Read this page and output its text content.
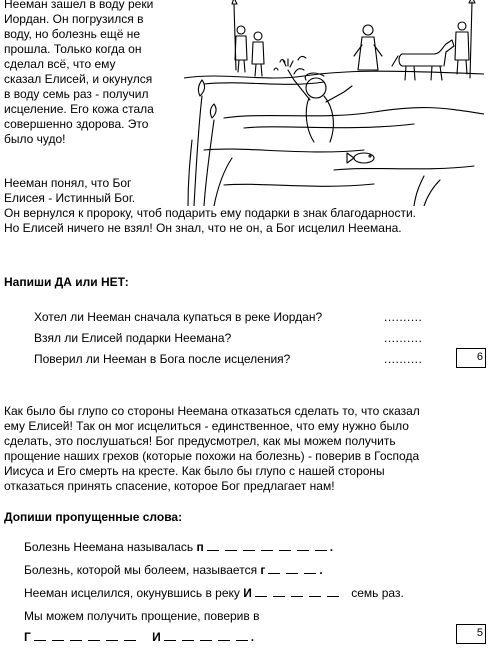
Нееман зашел в воду реки
Иордан. Он погрузился в
воду, но болезнь ещё не
прошла. Только когда он
сделал всё, что ему
сказал Елисей, и окунулся
в воду семь раз - получил
исцеление. Его кожа стала
совершенно здорова. Это
было чудо!
Нееман понял, что Бог
Елисея - Истинный Бог.
Он вернулся к пророку, чтоб подарить ему подарки в знак благодарности.
Но Елисей ничего не взял! Он знал, что не он, а Бог исцелил Неемана.
Напиши ДА или НЕТ:
Хотел ли Нееман сначала купаться в реке Иордан?	..........
Взял ли Елисей подарки Неемана?	..........
Поверил ли Нееман в Бога после исцеления?	..........	6
Как было бы глупо со стороны Неемана отказаться сделать то, что сказал
ему Елисей! Так он мог исцелиться - единственное, что ему нужно было
сделать, это послушаться! Бог предусмотрел, как мы можем получить
прощение наших грехов (которые похожи на болезнь) - поверив в Господа
Иисуса и Его смерть на кресте. Как было бы глупо с нашей стороны
отказаться принять спасение, которое Бог предлагает нам!
Допиши пропущенные слова:
Болезнь Неемана называлась п	.
Болезнь, которой мы болеем, называется г	.
Нееман исцелился, окунувшись в реку И	семь раз.
Мы можем получить прощение, поверив в
Г	И	.	5
